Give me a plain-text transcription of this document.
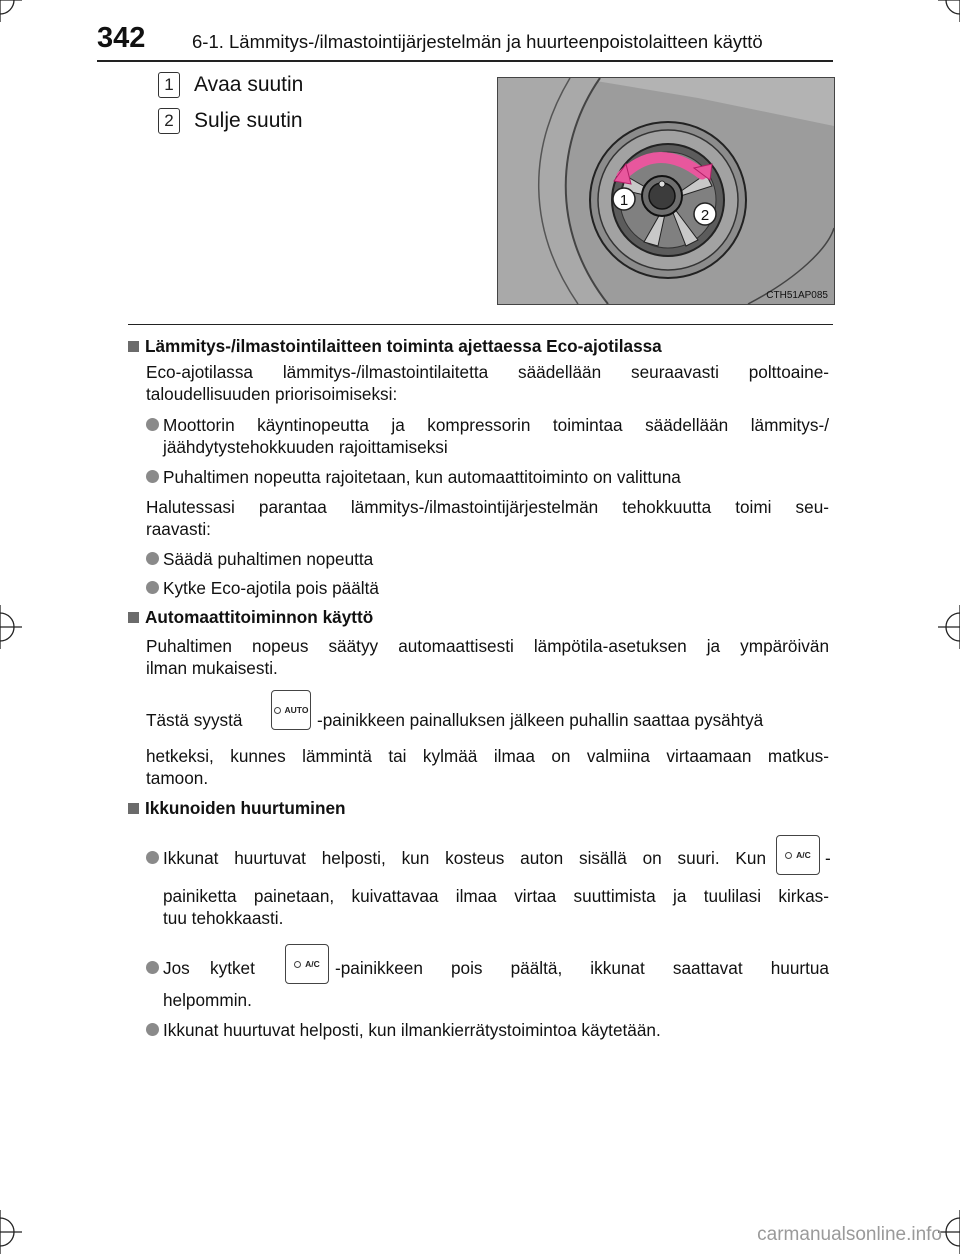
342	6-1. Lämmitys-/ilmastointijärjestelmän ja huurteenpoistolaitteen käyttö
1 Avaa suutin
2 Sulje suutin
1
2
CTH51AP085
Lämmitys-/ilmastointilaitteen toiminta ajettaessa Eco-ajotilassa
Eco-ajotilassa lämmitys-/ilmastointilaitetta säädellään seuraavasti polttoaine-
taloudellisuuden priorisoimiseksi:
Moottorin käyntinopeutta ja kompressorin toimintaa säädellään lämmitys-/
jäähdytystehokkuuden rajoittamiseksi
Puhaltimen nopeutta rajoitetaan, kun automaattitoiminto on valittuna
Halutessasi parantaa lämmitys-/ilmastointijärjestelmän tehokkuutta toimi seu-
raavasti:
Säädä puhaltimen nopeutta
Kytke Eco-ajotila pois päältä
Automaattitoiminnon käyttö
Puhaltimen nopeus säätyy automaattisesti lämpötila-asetuksen ja ympäröivän
ilman mukaisesti.
Tästä syystä	AUTO -painikkeen painalluksen jälkeen puhallin saattaa pysähtyä
hetkeksi, kunnes lämmintä tai kylmää ilmaa on valmiina virtaamaan matkus-
tamoon.
Ikkunoiden huurtuminen
Ikkunat huurtuvat helposti, kun kosteus auton sisällä on suuri. Kun	A/C -
painiketta painetaan, kuivattavaa ilmaa virtaa suuttimista ja tuulilasi kirkas-
tuu tehokkaasti.
Jos kytket	A/C -painikkeen pois päältä, ikkunat saattavat huurtua
helpommin.
Ikkunat huurtuvat helposti, kun ilmankierrätystoimintoa käytetään.
carmanualsonline.info
